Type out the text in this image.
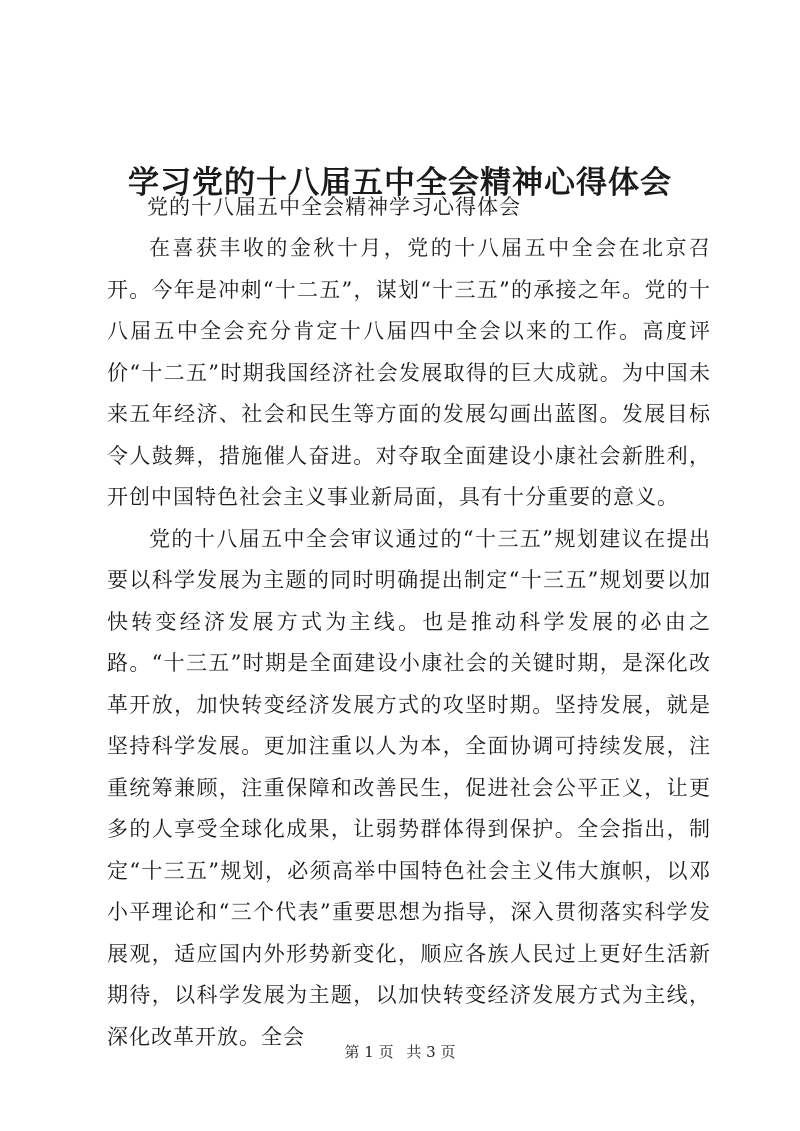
学习党的十八届五中全会精神心得体会
党的十八届五中全会精神学习心得体会

在喜获丰收的金秋十月，党的十八届五中全会在北京召开。今年是冲刺“十二五”，谋划“十三五”的承接之年。党的十八届五中全会充分肯定十八届四中全会以来的工作。高度评价“十二五”时期我国经济社会发展取得的巨大成就。为中国未来五年经济、社会和民生等方面的发展勾画出蓝图。发展目标令人鼓舞，措施催人奋进。对夺取全面建设小康社会新胜利，开创中国特色社会主义事业新局面，具有十分重要的意义。

党的十八届五中全会审议通过的“十三五”规划建议在提出要以科学发展为主题的同时明确提出制定“十三五”规划要以加快转变经济发展方式为主线。也是推动科学发展的必由之路。“十三五”时期是全面建设小康社会的关键时期，是深化改革开放，加快转变经济发展方式的攻坚时期。坚持发展，就是坚持科学发展。更加注重以人为本，全面协调可持续发展，注重统筹兼顾，注重保障和改善民生，促进社会公平正义，让更多的人享受全球化成果，让弱势群体得到保护。全会指出，制定“十三五”规划，必须高举中国特色社会主义伟大旗帜，以邓小平理论和“三个代表”重要思想为指导，深入贯彻落实科学发展观，适应国内外形势新变化，顺应各族人民过上更好生活新期待，以科学发展为主题，以加快转变经济发展方式为主线，深化改革开放。全会

第 1 页 共 3 页
